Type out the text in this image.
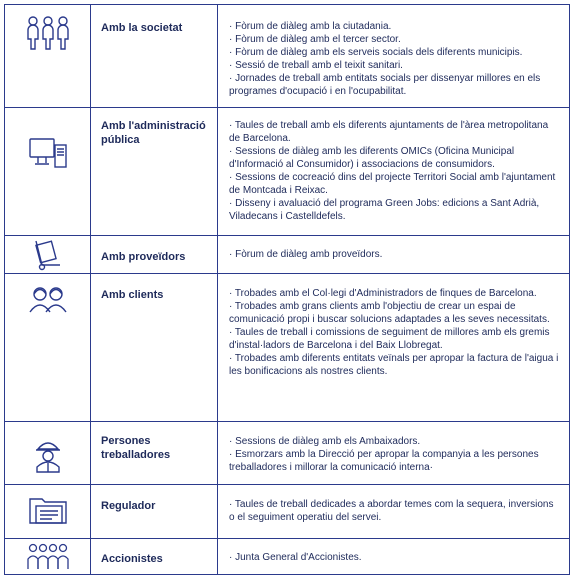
Amb la societat	· Fòrum de diàleg amb la ciutadania.
· Fòrum de diàleg amb el tercer sector.
· Fòrum de diàleg amb els serveis socials dels diferents municipis.
· Sessió de treball amb el teixit sanitari.
· Jornades de treball amb entitats socials per dissenyar millores en els programes d'ocupació i en l'ocupabilitat.
Amb l'administració pública
· Taules de treball amb els diferents ajuntaments de l'àrea metropolitana de Barcelona.
· Sessions de diàleg amb les diferents OMICs (Oficina Municipal d'Informació al Consumidor) i associacions de consumidors.
· Sessions de cocreació dins del projecte Territori Social amb l'ajuntament de Montcada i Reixac.
· Disseny i avaluació del programa Green Jobs: edicions a Sant Adrià, Viladecans i Castelldefels.
Amb proveïdors	· Fòrum de diàleg amb proveïdors.
Amb clients	· Trobades amb el Col·legi d'Administradors de finques de Barcelona.
· Trobades amb grans clients amb l'objectiu de crear un espai de comunicació propi i buscar solucions adaptades a les seves necessitats.
· Taules de treball i comissions de seguiment de millores amb els gremis d'instal·ladors de Barcelona i del Baix Llobregat.
· Trobades amb diferents entitats veïnals per apropar la factura de l'aigua i les bonificacions als nostres clients.
Persones treballadores
· Sessions de diàleg amb els Ambaixadors.
· Esmorzars amb la Direcció per apropar la companyia a les persones treballadores i millorar la comunicació interna·
Regulador	· Taules de treball dedicades a abordar temes com la sequera, inversions o el seguiment operatiu del servei.
Accionistes	· Junta General d'Accionistes.
